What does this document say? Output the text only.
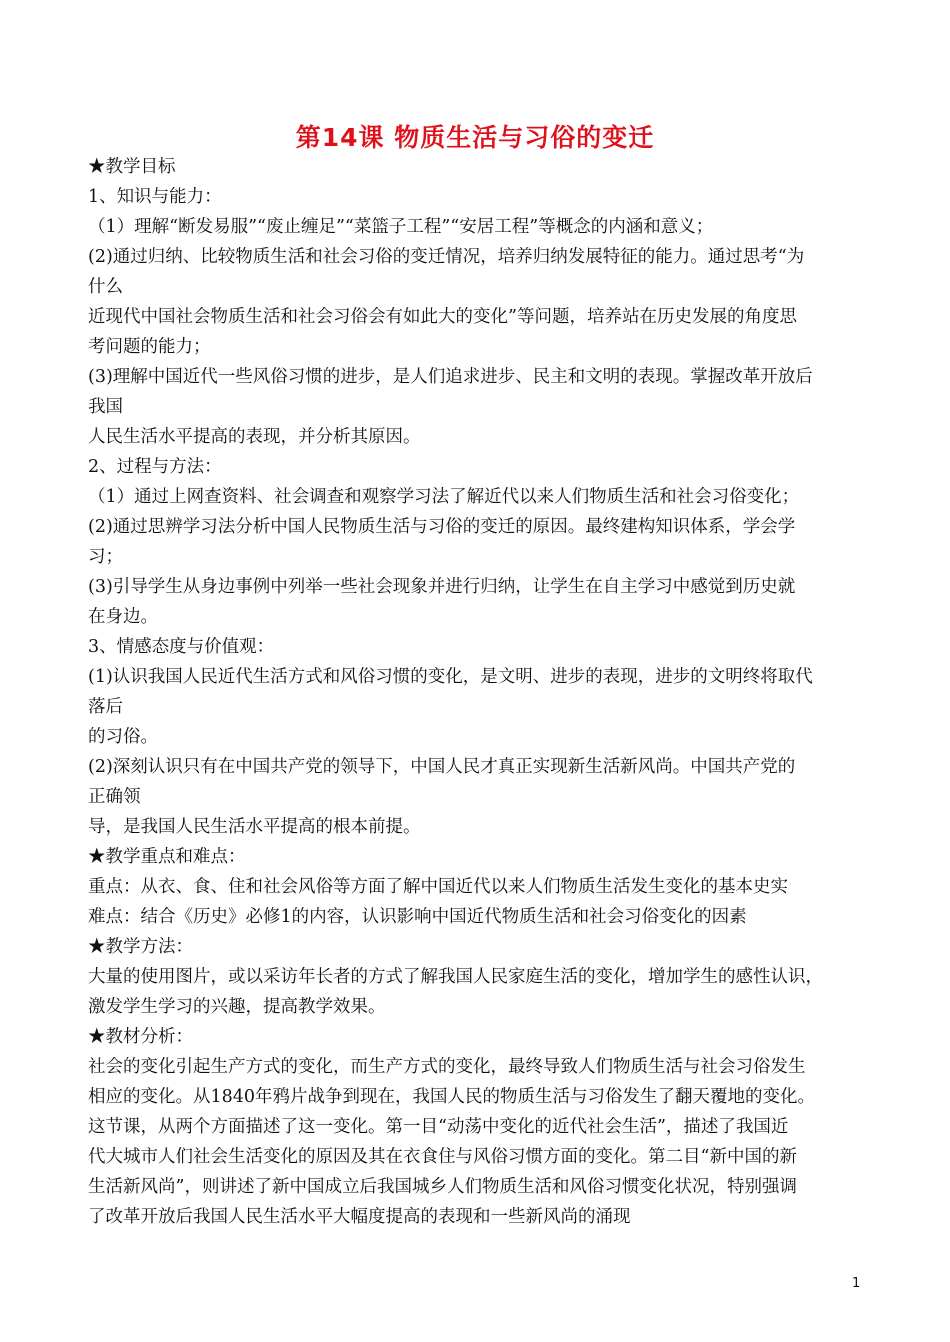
第14课 物质生活与习俗的变迁
★教学目标
1、知识与能力：
（1）理解“断发易服”“废止缠足”“菜篮子工程”“安居工程”等概念的内涵和意义；
(2)通过归纳、比较物质生活和社会习俗的变迁情况，培养归纳发展特征的能力。通过思考“为
什么
近现代中国社会物质生活和社会习俗会有如此大的变化”等问题，培养站在历史发展的角度思
考问题的能力；
(3)理解中国近代一些风俗习惯的进步，是人们追求进步、民主和文明的表现。掌握改革开放后
我国
人民生活水平提高的表现，并分析其原因。
2、过程与方法：
（1）通过上网查资料、社会调查和观察学习法了解近代以来人们物质生活和社会习俗变化；
(2)通过思辨学习法分析中国人民物质生活与习俗的变迁的原因。最终建构知识体系，学会学
习；
(3)引导学生从身边事例中列举一些社会现象并进行归纳，让学生在自主学习中感觉到历史就
在身边。
3、情感态度与价值观：
(1)认识我国人民近代生活方式和风俗习惯的变化，是文明、进步的表现，进步的文明终将取代
落后
的习俗。
(2)深刻认识只有在中国共产党的领导下，中国人民才真正实现新生活新风尚。中国共产党的
正确领
导，是我国人民生活水平提高的根本前提。
★教学重点和难点：
重点：从衣、食、住和社会风俗等方面了解中国近代以来人们物质生活发生变化的基本史实
难点：结合《历史》必修1的内容，认识影响中国近代物质生活和社会习俗变化的因素
★教学方法：
大量的使用图片，或以采访年长者的方式了解我国人民家庭生活的变化，增加学生的感性认识，
激发学生学习的兴趣，提高教学效果。
★教材分析：
社会的变化引起生产方式的变化，而生产方式的变化，最终导致人们物质生活与社会习俗发生
相应的变化。从1840年鸦片战争到现在，我国人民的物质生活与习俗发生了翻天覆地的变化。
这节课，从两个方面描述了这一变化。第一目“动荡中变化的近代社会生活”，描述了我国近
代大城市人们社会生活变化的原因及其在衣食住与风俗习惯方面的变化。第二目“新中国的新
生活新风尚”，则讲述了新中国成立后我国城乡人们物质生活和风俗习惯变化状况，特别强调
了改革开放后我国人民生活水平大幅度提高的表现和一些新风尚的涌现
1
